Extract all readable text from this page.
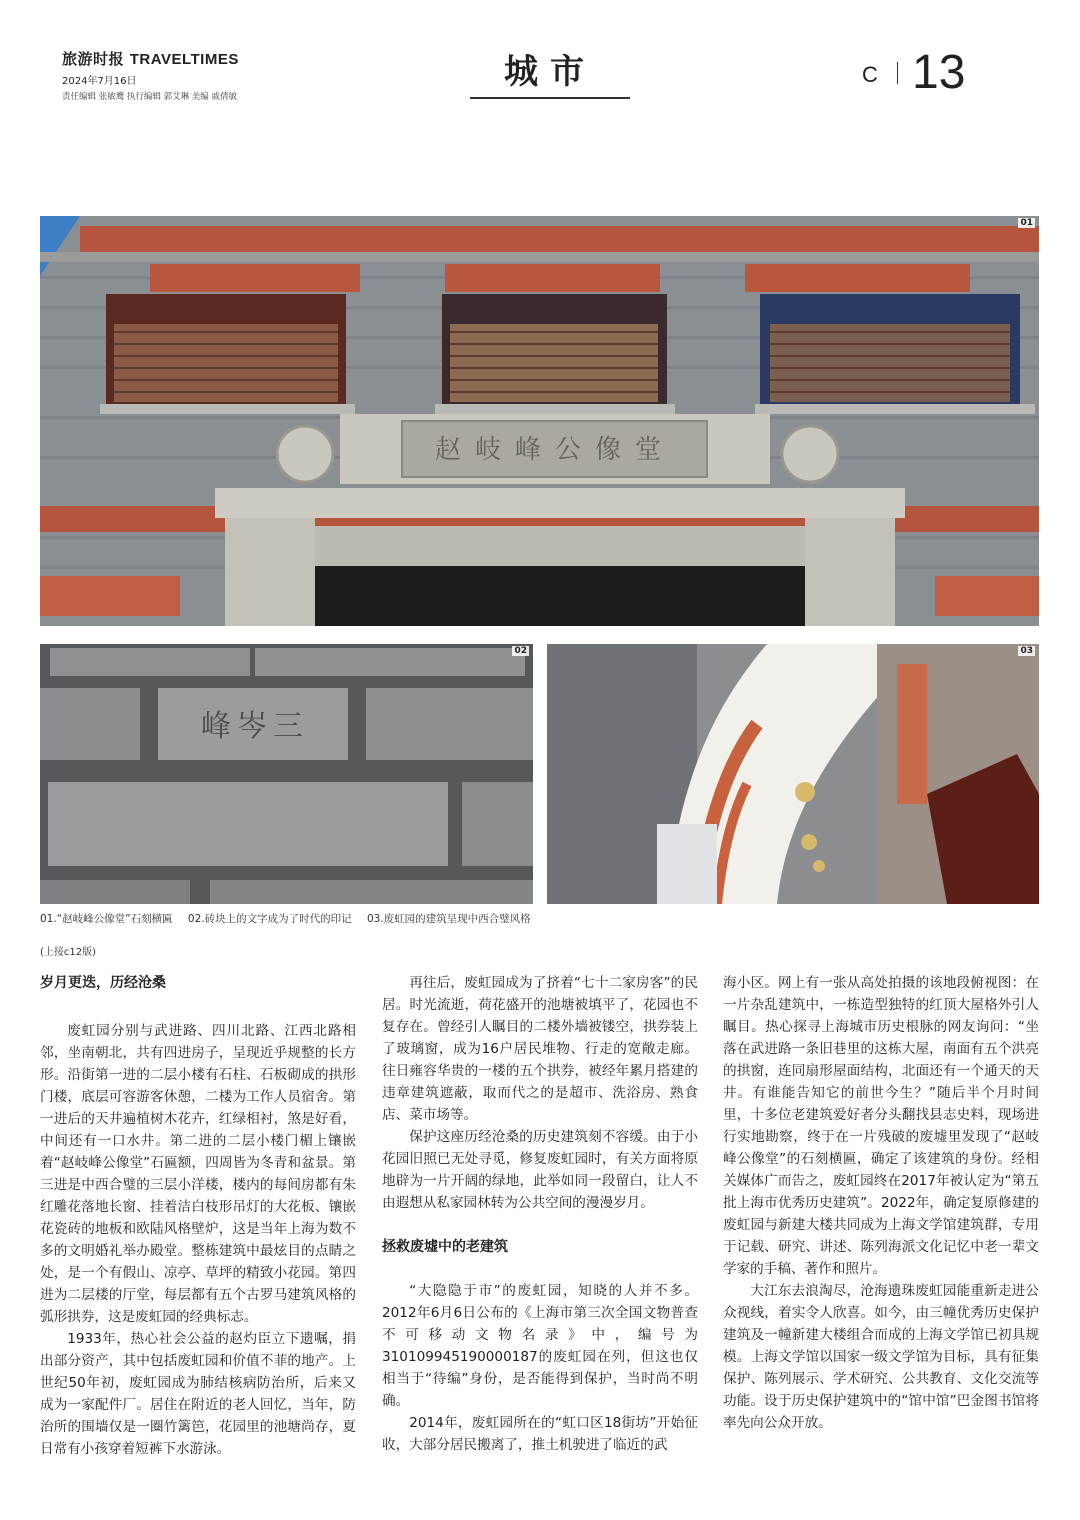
旅游时报 TRAVELTIMES
2024年7月16日
责任编辑 张敏鹰 执行编辑 郭艾琳 美编 戚倩敏
城市	C 13
赵岐峰公像堂
01
峰岑三
02	03
01.“赵岐峰公像堂”石刻横匾 02.砖块上的文字成为了时代的印记 03.废虹园的建筑呈现中西合璧风格
(上接c12版)
岁月更迭，历经沧桑

废虹园分别与武进路、四川北路、江西北路相邻，坐南朝北，共有四进房子，呈现近乎规整的长方形。沿街第一进的二层小楼有石柱、石板砌成的拱形门楼，底层可容游客休憩，二楼为工作人员宿舍。第一进后的天井遍植树木花卉，红绿相衬，煞是好看，中间还有一口水井。第二进的二层小楼门楣上镶嵌着“赵岐峰公像堂”石匾额，四周皆为冬青和盆景。第三进是中西合璧的三层小洋楼，楼内的每间房都有朱红雕花落地长窗、挂着洁白枝形吊灯的大花板、镶嵌花瓷砖的地板和欧陆风格壁炉，这是当年上海为数不多的文明婚礼举办殿堂。整栋建筑中最炫目的点睛之处，是一个有假山、凉亭、草坪的精致小花园。第四进为二层楼的厅堂，每层都有五个古罗马建筑风格的弧形拱券，这是废虹园的经典标志。

1933年，热心社会公益的赵灼臣立下遗嘱，捐出部分资产，其中包括废虹园和价值不菲的地产。上世纪50年初，废虹园成为肺结核病防治所，后来又成为一家配件厂。居住在附近的老人回忆，当年，防治所的围墙仅是一圈竹篱笆，花园里的池塘尚存，夏日常有小孩穿着短裤下水游泳。

再往后，废虹园成为了挤着“七十二家房客”的民居。时光流逝，荷花盛开的池塘被填平了，花园也不复存在。曾经引人瞩目的二楼外墙被镂空，拱券装上了玻璃窗，成为16户居民堆物、行走的宽敞走廊。往日雍容华贵的一楼的五个拱券，被经年累月搭建的违章建筑遮蔽，取而代之的是超市、洗浴房、熟食店、菜市场等。

保护这座历经沧桑的历史建筑刻不容缓。由于小花园旧照已无处寻觅，修复废虹园时，有关方面将原地辟为一片开阔的绿地，此举如同一段留白，让人不由遐想从私家园林转为公共空间的漫漫岁月。

拯救废墟中的老建筑

“大隐隐于市”的废虹园，知晓的人并不多。2012年6月6日公布的《上海市第三次全国文物普查不可移动文物名录》中，编号为310109945190000187的废虹园在列，但这也仅相当于“待编”身份，是否能得到保护，当时尚不明确。

2014年，废虹园所在的“虹口区18街坊”开始征收，大部分居民搬离了，推土机驶进了临近的武

海小区。网上有一张从高处拍摄的该地段俯视图：在一片杂乱建筑中，一栋造型独特的红顶大屋格外引人瞩目。热心探寻上海城市历史根脉的网友询问：“坐落在武进路一条旧巷里的这栋大屋，南面有五个洪亮的拱窗，连同扇形屋面结构，北面还有一个通天的天井。有谁能告知它的前世今生？”随后半个月时间里，十多位老建筑爱好者分头翻找县志史料，现场进行实地勘察，终于在一片残破的废墟里发现了“赵岐峰公像堂”的石刻横匾，确定了该建筑的身份。经相关媒体广而告之，废虹园终在2017年被认定为“第五批上海市优秀历史建筑”。2022年，确定复原修建的废虹园与新建大楼共同成为上海文学馆建筑群，专用于记载、研究、讲述、陈列海派文化记忆中老一辈文学家的手稿、著作和照片。

大江东去浪淘尽，沧海遗珠废虹园能重新走进公众视线，着实令人欣喜。如今，由三幢优秀历史保护建筑及一幢新建大楼组合而成的上海文学馆已初具规模。上海文学馆以国家一级文学馆为目标，具有征集保护、陈列展示、学术研究、公共教育、文化交流等功能。设于历史保护建筑中的“馆中馆”巴金图书馆将率先向公众开放。
